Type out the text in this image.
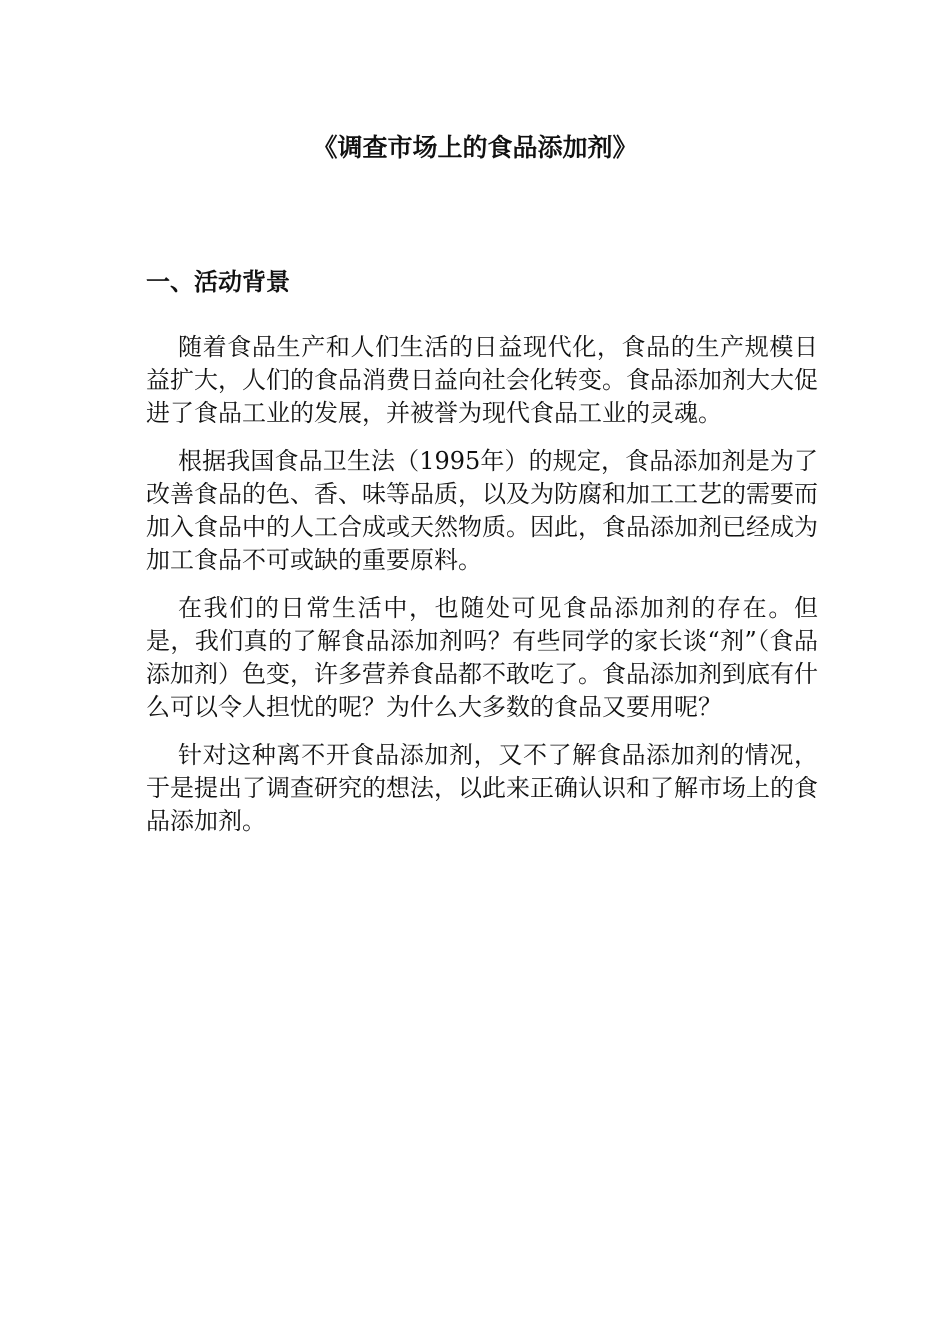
《调查市场上的食品添加剂》
一、活动背景

随着食品生产和人们生活的日益现代化，食品的生产规模日益扩大，人们的食品消费日益向社会化转变。食品添加剂大大促进了食品工业的发展，并被誉为现代食品工业的灵魂。

根据我国食品卫生法（1995年）的规定，食品添加剂是为了改善食品的色、香、味等品质，以及为防腐和加工工艺的需要而加入食品中的人工合成或天然物质。因此，食品添加剂已经成为加工食品不可或缺的重要原料。

在我们的日常生活中，也随处可见食品添加剂的存在。但是，我们真的了解食品添加剂吗？有些同学的家长谈“剂”（食品添加剂）色变，许多营养食品都不敢吃了。食品添加剂到底有什么可以令人担忧的呢？为什么大多数的食品又要用呢？

针对这种离不开食品添加剂，又不了解食品添加剂的情况，于是提出了调查研究的想法，以此来正确认识和了解市场上的食品添加剂。
